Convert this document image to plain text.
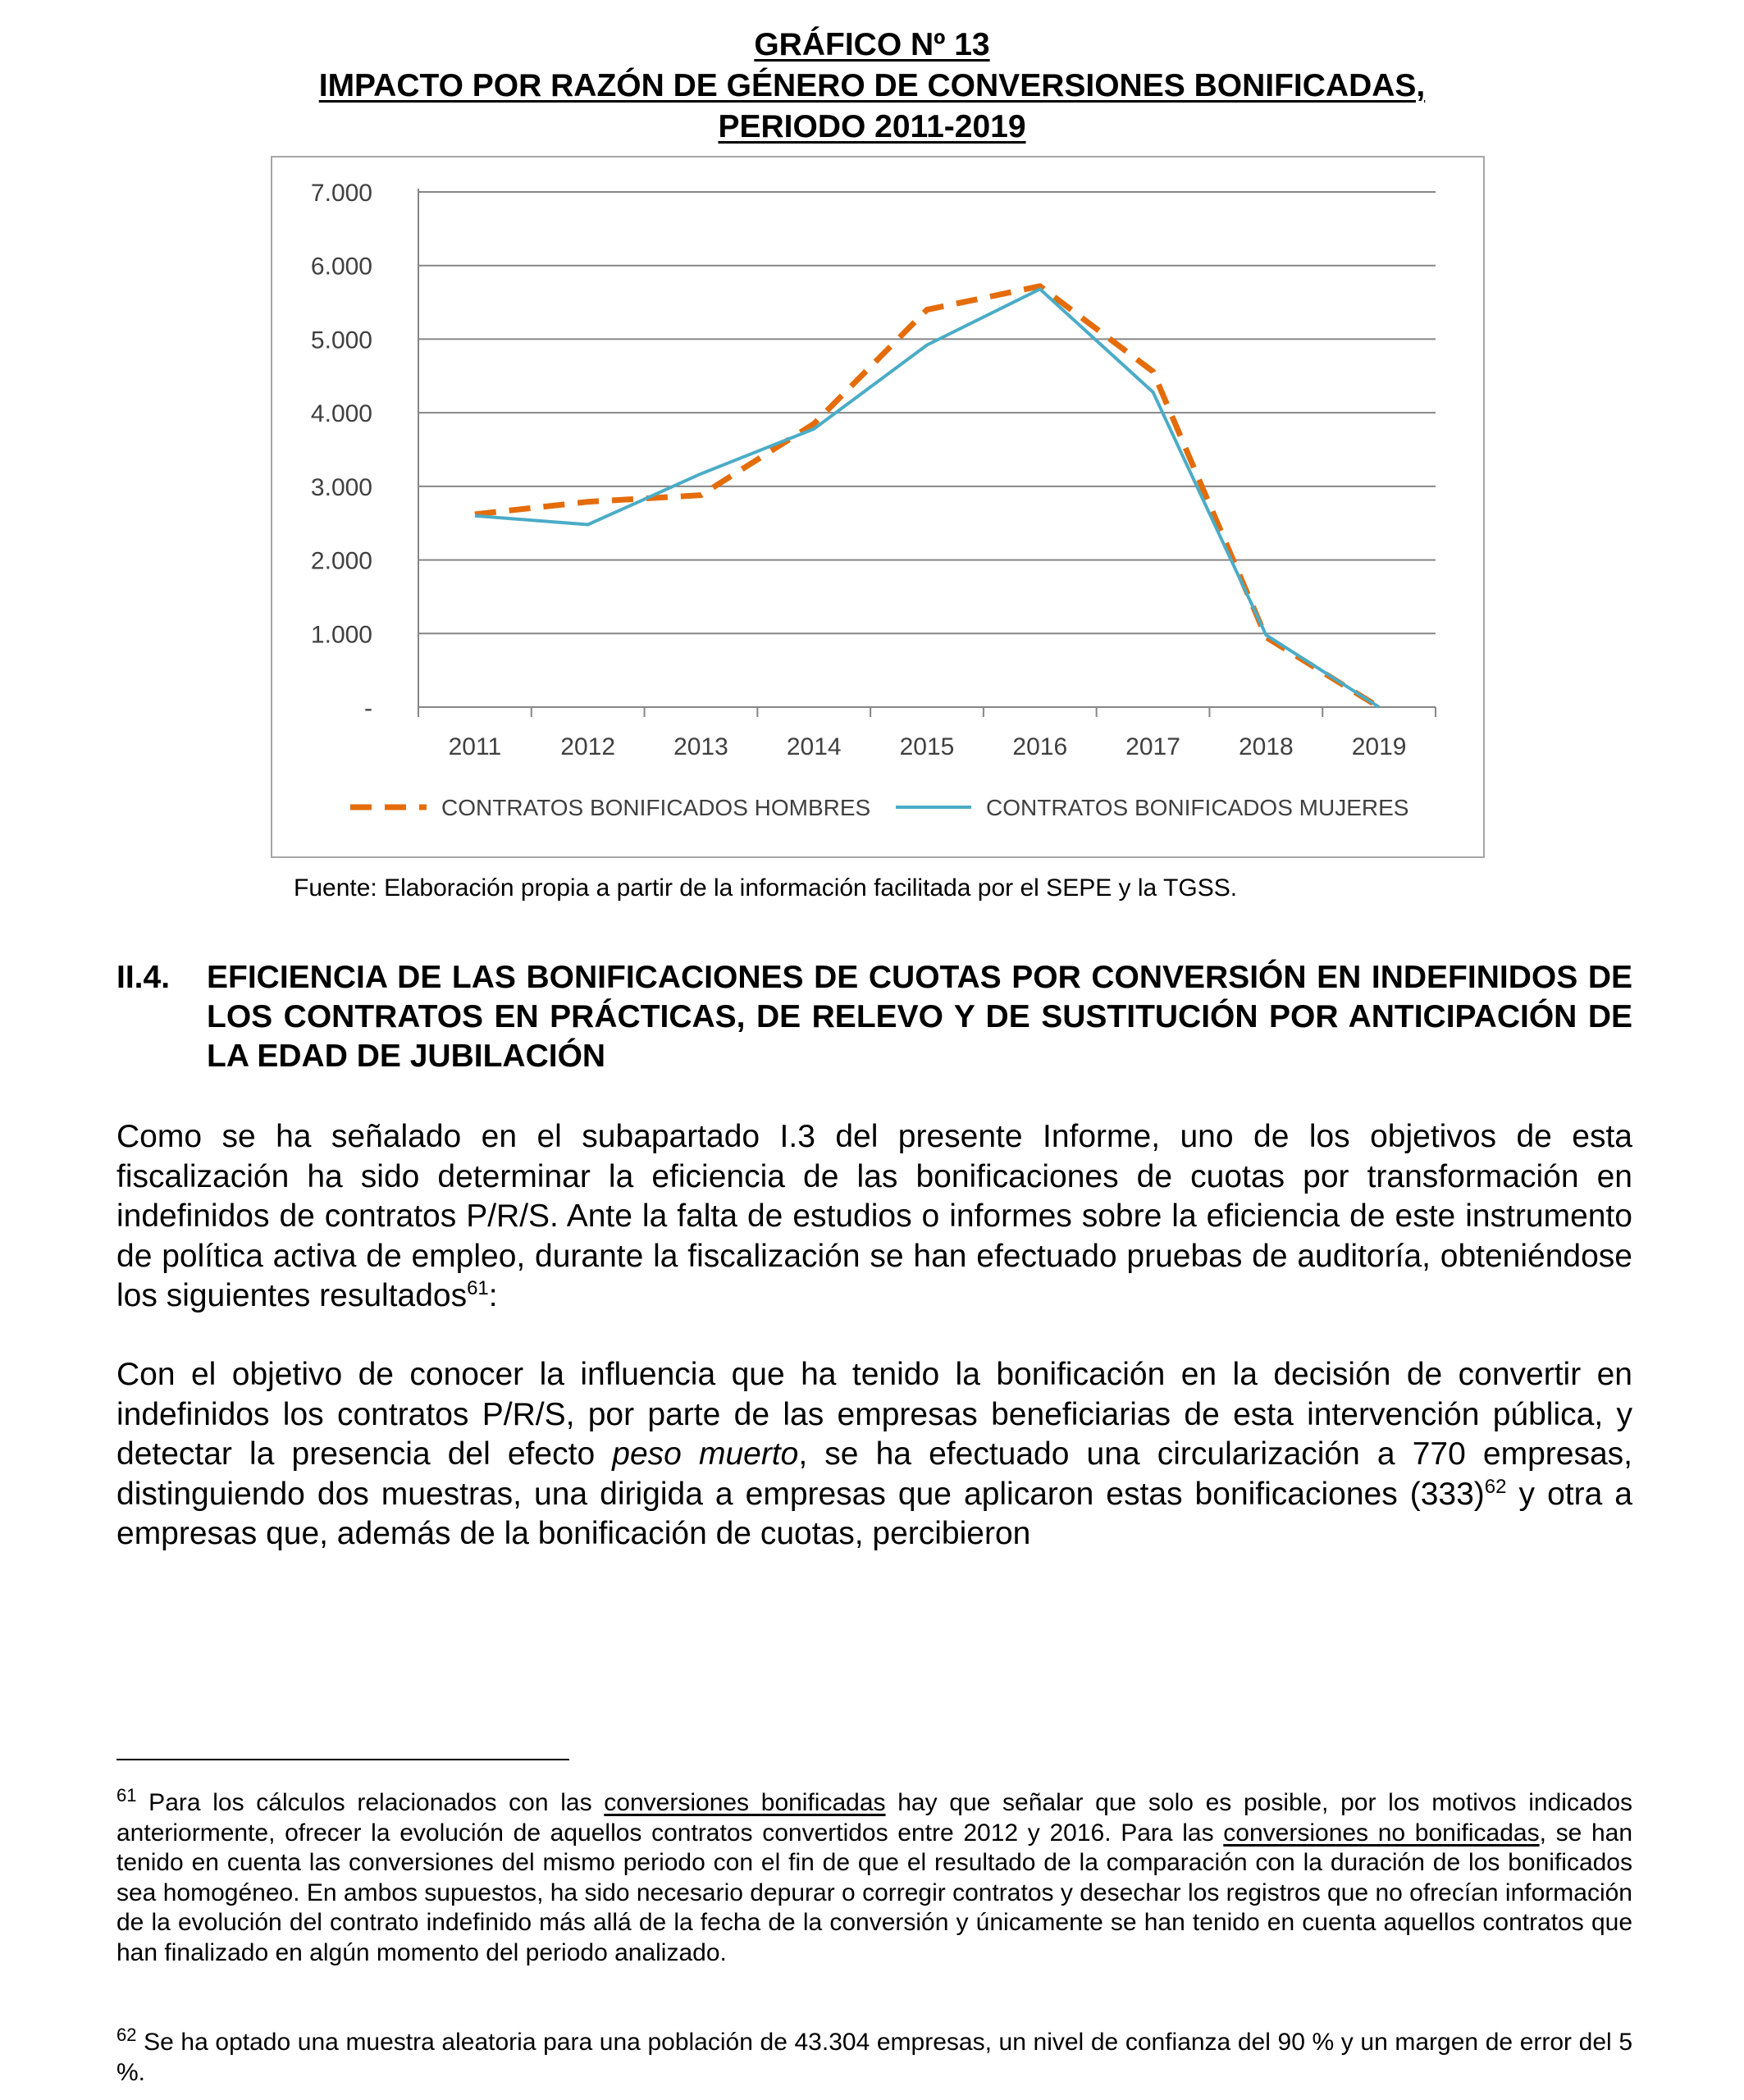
GRÁFICO Nº 13
IMPACTO POR RAZÓN DE GÉNERO DE CONVERSIONES BONIFICADAS,
PERIODO 2011-2019
-
1.000
2.000
3.000
4.000
5.000
6.000
7.000
2011 2012 2013 2014 2015 2016 2017 2018 2019
CONTRATOS BONIFICADOS HOMBRES	CONTRATOS BONIFICADOS MUJERES
Fuente: Elaboración propia a partir de la información facilitada por el SEPE y la TGSS.
II.4. EFICIENCIA DE LAS BONIFICACIONES DE CUOTAS POR CONVERSIÓN EN INDEFINIDOS DE LOS CONTRATOS EN PRÁCTICAS, DE RELEVO Y DE SUSTITUCIÓN POR ANTICIPACIÓN DE LA EDAD DE JUBILACIÓN
Como se ha señalado en el subapartado I.3 del presente Informe, uno de los objetivos de esta fiscalización ha sido determinar la eficiencia de las bonificaciones de cuotas por transformación en indefinidos de contratos P/R/S. Ante la falta de estudios o informes sobre la eficiencia de este instrumento de política activa de empleo, durante la fiscalización se han efectuado pruebas de auditoría, obteniéndose los siguientes resultados$^{61}$:
Con el objetivo de conocer la influencia que ha tenido la bonificación en la decisión de convertir en indefinidos los contratos P/R/S, por parte de las empresas beneficiarias de esta intervención pública, y detectar la presencia del efecto peso muerto, se ha efectuado una circularización a 770 empresas, distinguiendo dos muestras, una dirigida a empresas que aplicaron estas bonificaciones $(333)^{62}$ y otra a empresas que, además de la bonificación de cuotas, percibieron
$^{61}$ Para los cálculos relacionados con las conversiones bonificadas hay que señalar que solo es posible, por los motivos indicados anteriormente, ofrecer la evolución de aquellos contratos convertidos entre 2012 y 2016. Para las conversiones no bonificadas, se han tenido en cuenta las conversiones del mismo periodo con el fin de que el resultado de la comparación con la duración de los bonificados sea homogéneo. En ambos supuestos, ha sido necesario depurar o corregir contratos y desechar los registros que no ofrecían información de la evolución del contrato indefinido más allá de la fecha de la conversión y únicamente se han tenido en cuenta aquellos contratos que han finalizado en algún momento del periodo analizado.
$^{62}$ Se ha optado una muestra aleatoria para una población de 43.304 empresas, un nivel de confianza del 90 % y un margen de error del 5 %.
